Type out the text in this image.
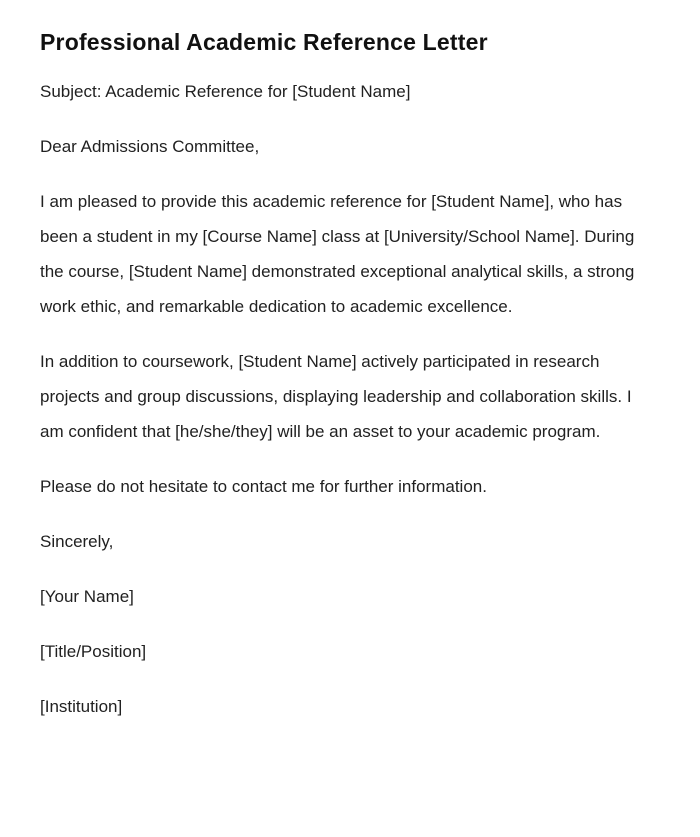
Professional Academic Reference Letter

Subject: Academic Reference for [Student Name]

Dear Admissions Committee,

I am pleased to provide this academic reference for [Student Name], who has been a student in my [Course Name] class at [University/School Name]. During the course, [Student Name] demonstrated exceptional analytical skills, a strong work ethic, and remarkable dedication to academic excellence.

In addition to coursework, [Student Name] actively participated in research projects and group discussions, displaying leadership and collaboration skills. I am confident that [he/she/they] will be an asset to your academic program.

Please do not hesitate to contact me for further information.

Sincerely,

[Your Name]

[Title/Position]

[Institution]
